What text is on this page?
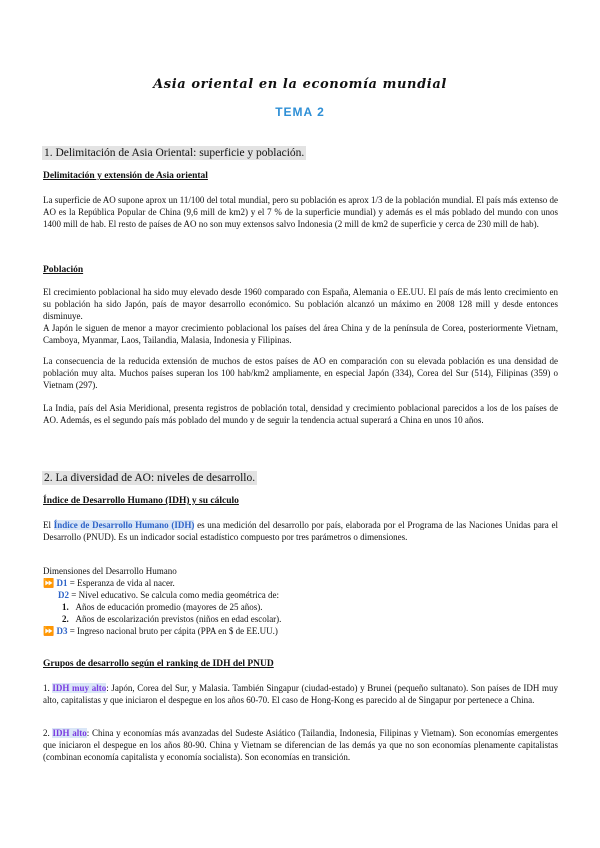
Asia oriental en la economía mundial
TEMA 2
1. Delimitación de Asia Oriental: superficie y población.
Delimitación y extensión de Asia oriental

La superficie de AO supone aprox un 11/100 del total mundial, pero su población es aprox 1/3 de la población mundial. El país más extenso de AO es la República Popular de China (9,6 mill de km2) y el 7 % de la superficie mundial) y además es el más poblado del mundo con unos 1400 mill de hab. El resto de países de AO no son muy extensos salvo Indonesia (2 mill de km2 de superficie y cerca de 230 mill de hab).

Población

El crecimiento poblacional ha sido muy elevado desde 1960 comparado con España, Alemania o EE.UU. El país de más lento crecimiento en su población ha sido Japón, país de mayor desarrollo económico. Su población alcanzó un máximo en 2008 128 mill y desde entonces disminuye.

A Japón le siguen de menor a mayor crecimiento poblacional los países del área China y de la península de Corea, posteriormente Vietnam, Camboya, Myanmar, Laos, Tailandia, Malasia, Indonesia y Filipinas.

La consecuencia de la reducida extensión de muchos de estos países de AO en comparación con su elevada población es una densidad de población muy alta. Muchos países superan los 100 hab/km2 ampliamente, en especial Japón (334), Corea del Sur (514), Filipinas (359) o Vietnam (297).

La India, país del Asia Meridional, presenta registros de población total, densidad y crecimiento poblacional parecidos a los de los países de AO. Además, es el segundo país más poblado del mundo y de seguir la tendencia actual superará a China en unos 10 años.

2. La diversidad de AO: niveles de desarrollo.
Índice de Desarrollo Humano (IDH) y su cálculo

El Índice de Desarrollo Humano (IDH) es una medición del desarrollo por país, elaborada por el Programa de las Naciones Unidas para el Desarrollo (PNUD). Es un indicador social estadístico compuesto por tres parámetros o dimensiones.

Dimensiones del Desarrollo Humano
⏩ D1 = Esperanza de vida al nacer.
D2 = Nivel educativo. Se calcula como media geométrica de:
1. Años de educación promedio (mayores de 25 años).
2. Años de escolarización previstos (niños en edad escolar).
⏩ D3 = Ingreso nacional bruto per cápita (PPA en $ de EE.UU.)
Grupos de desarrollo según el ranking de IDH del PNUD

1. IDH muy alto: Japón, Corea del Sur, y Malasia. También Singapur (ciudad-estado) y Brunei (pequeño sultanato). Son países de IDH muy alto, capitalistas y que iniciaron el despegue en los años 60-70. El caso de Hong-Kong es parecido al de Singapur por pertenece a China.

2. IDH alto: China y economías más avanzadas del Sudeste Asiático (Tailandia, Indonesia, Filipinas y Vietnam). Son economías emergentes que iniciaron el despegue en los años 80-90. China y Vietnam se diferencian de las demás ya que no son economías plenamente capitalistas (combinan economía capitalista y economía socialista). Son economías en transición.
